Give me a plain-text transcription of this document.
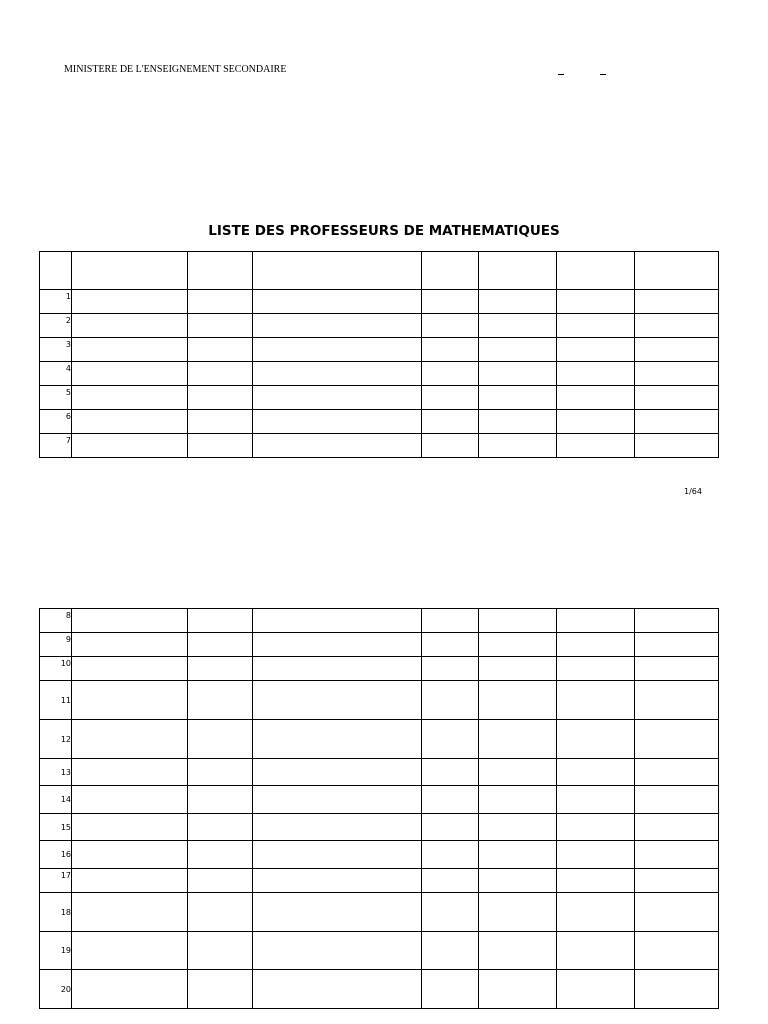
MINISTERE DE L'ENSEIGNEMENT SECONDAIRE
LISTE DES PROFESSEURS DE MATHEMATIQUES

1							
2							
3							
4							
5							
6							
7							
1/64
8							
9							
10							
11							
12							
13							
14							
15							
16							
17							
18							
19							
20							
